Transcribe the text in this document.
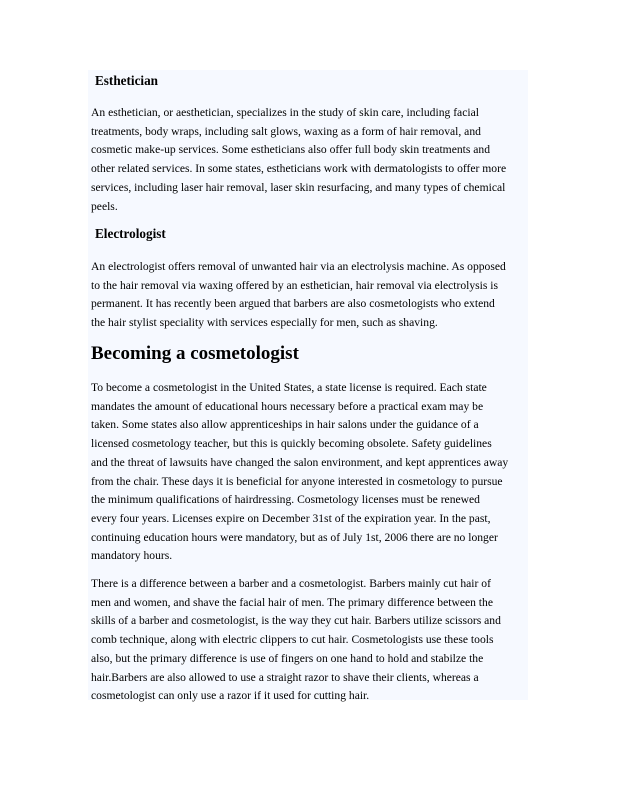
Esthetician

An esthetician, or aesthetician, specializes in the study of skin care, including facial
treatments, body wraps, including salt glows, waxing as a form of hair removal, and
cosmetic make-up services. Some estheticians also offer full body skin treatments and
other related services. In some states, estheticians work with dermatologists to offer more
services, including laser hair removal, laser skin resurfacing, and many types of chemical
peels.

Electrologist

An electrologist offers removal of unwanted hair via an electrolysis machine. As opposed
to the hair removal via waxing offered by an esthetician, hair removal via electrolysis is
permanent. It has recently been argued that barbers are also cosmetologists who extend
the hair stylist speciality with services especially for men, such as shaving.

Becoming a cosmetologist

To become a cosmetologist in the United States, a state license is required. Each state
mandates the amount of educational hours necessary before a practical exam may be
taken. Some states also allow apprenticeships in hair salons under the guidance of a
licensed cosmetology teacher, but this is quickly becoming obsolete. Safety guidelines
and the threat of lawsuits have changed the salon environment, and kept apprentices away
from the chair. These days it is beneficial for anyone interested in cosmetology to pursue
the minimum qualifications of hairdressing. Cosmetology licenses must be renewed
every four years. Licenses expire on December 31st of the expiration year. In the past,
continuing education hours were mandatory, but as of July 1st, 2006 there are no longer
mandatory hours.

There is a difference between a barber and a cosmetologist. Barbers mainly cut hair of
men and women, and shave the facial hair of men. The primary difference between the
skills of a barber and cosmetologist, is the way they cut hair. Barbers utilize scissors and
comb technique, along with electric clippers to cut hair. Cosmetologists use these tools
also, but the primary difference is use of fingers on one hand to hold and stabilze the
hair.Barbers are also allowed to use a straight razor to shave their clients, whereas a
cosmetologist can only use a razor if it used for cutting hair.
